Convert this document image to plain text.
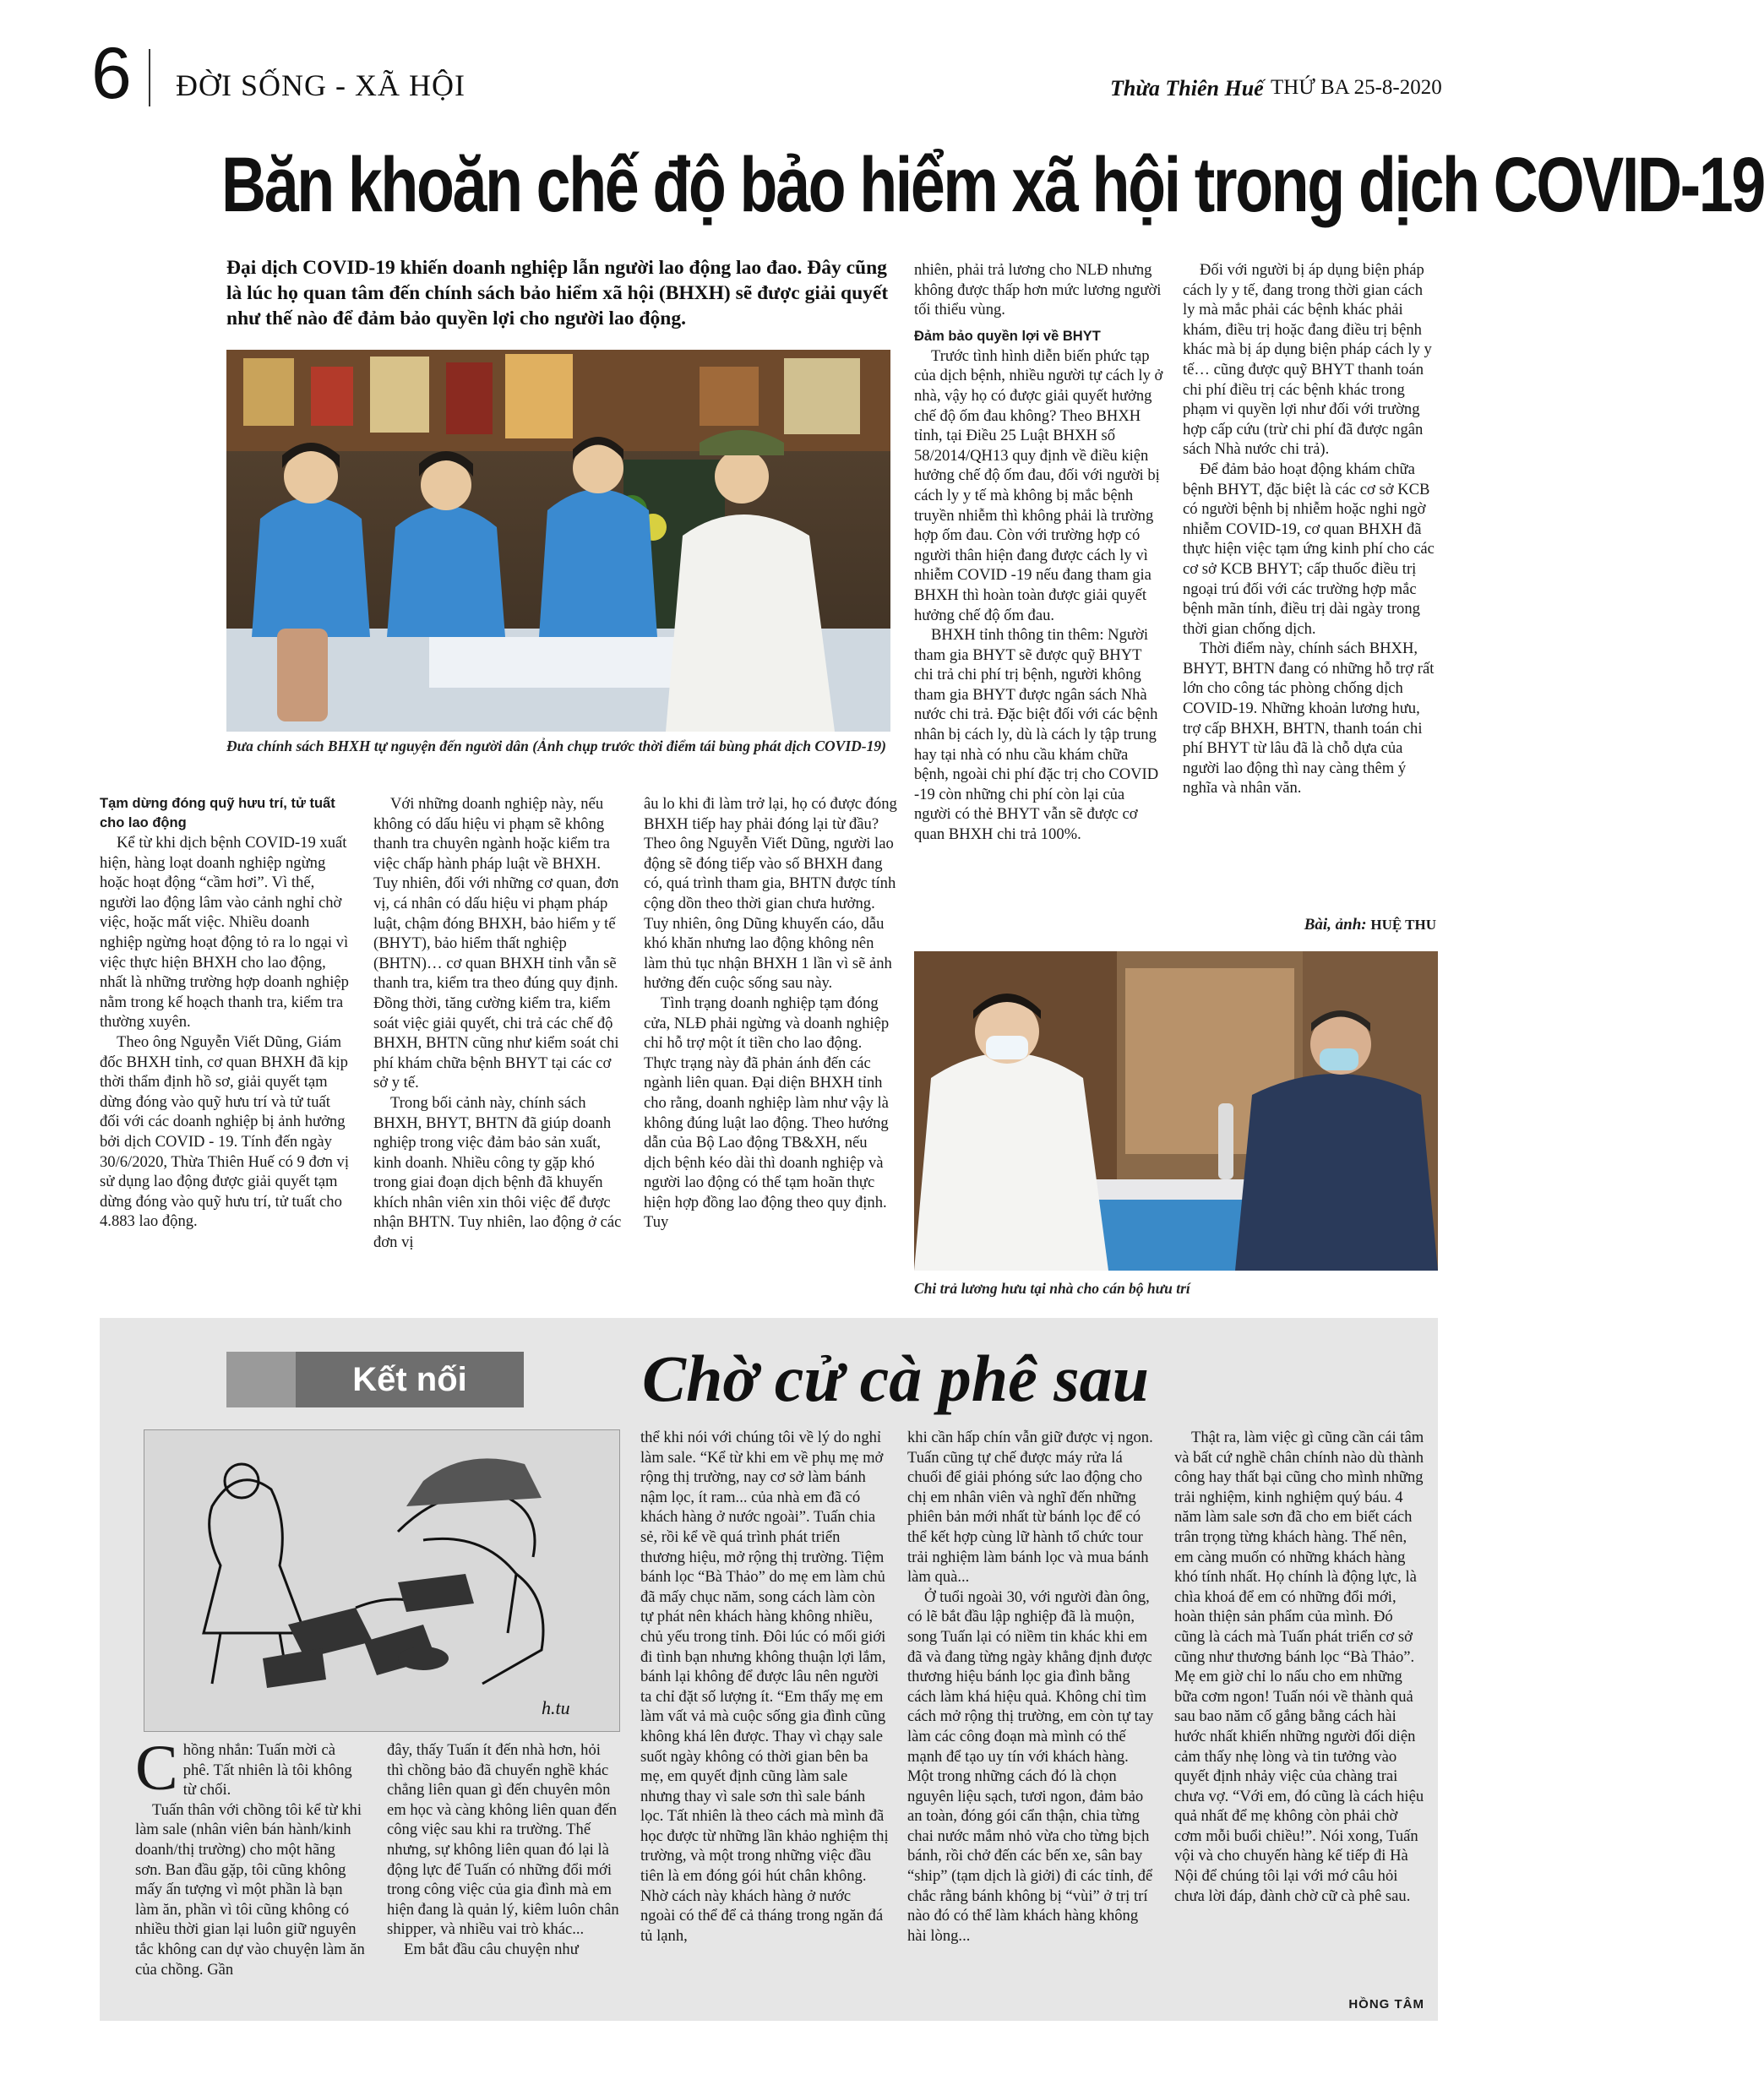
6 ĐỜI SỐNG - XÃ HỘI	Thừa Thiên Huế THỨ BA 25-8-2020
Băn khoăn chế độ bảo hiểm xã hội trong dịch COVID-19
Đại dịch COVID-19 khiến doanh nghiệp lẫn người lao động lao đao. Đây cũng là lúc họ quan tâm đến chính sách bảo hiểm xã hội (BHXH) sẽ được giải quyết như thế nào để đảm bảo quyền lợi cho người lao động.
Đưa chính sách BHXH tự nguyện đến người dân (Ảnh chụp trước thời điểm tái bùng phát dịch COVID-19)

Tạm dừng đóng quỹ hưu trí, tử tuất cho lao động

Kể từ khi dịch bệnh COVID-19 xuất hiện, hàng loạt doanh nghiệp ngừng hoặc hoạt động “cầm hơi”. Vì thế, người lao động lâm vào cảnh nghỉ chờ việc, hoặc mất việc. Nhiều doanh nghiệp ngừng hoạt động tỏ ra lo ngại vì việc thực hiện BHXH cho lao động, nhất là những trường hợp doanh nghiệp nằm trong kế hoạch thanh tra, kiểm tra thường xuyên.

Theo ông Nguyễn Viết Dũng, Giám đốc BHXH tỉnh, cơ quan BHXH đã kịp thời thẩm định hồ sơ, giải quyết tạm dừng đóng vào quỹ hưu trí và tử tuất đối với các doanh nghiệp bị ảnh hưởng bởi dịch COVID - 19. Tính đến ngày 30/6/2020, Thừa Thiên Huế có 9 đơn vị sử dụng lao động được giải quyết tạm dừng đóng vào quỹ hưu trí, tử tuất cho 4.883 lao động.

Với những doanh nghiệp này, nếu không có dấu hiệu vi phạm sẽ không thanh tra chuyên ngành hoặc kiểm tra việc chấp hành pháp luật về BHXH. Tuy nhiên, đối với những cơ quan, đơn vị, cá nhân có dấu hiệu vi phạm pháp luật, chậm đóng BHXH, bảo hiểm y tế (BHYT), bảo hiểm thất nghiệp (BHTN)… cơ quan BHXH tỉnh vẫn sẽ thanh tra, kiểm tra theo đúng quy định. Đồng thời, tăng cường kiểm tra, kiểm soát việc giải quyết, chi trả các chế độ BHXH, BHTN cũng như kiểm soát chi phí khám chữa bệnh BHYT tại các cơ sở y tế.

Trong bối cảnh này, chính sách BHXH, BHYT, BHTN đã giúp doanh nghiệp trong việc đảm bảo sản xuất, kinh doanh. Nhiều công ty gặp khó trong giai đoạn dịch bệnh đã khuyến khích nhân viên xin thôi việc để được nhận BHTN. Tuy nhiên, lao động ở các đơn vị

âu lo khi đi làm trở lại, họ có được đóng BHXH tiếp hay phải đóng lại từ đầu? Theo ông Nguyễn Viết Dũng, người lao động sẽ đóng tiếp vào số BHXH đang có, quá trình tham gia, BHTN được tính cộng dồn theo thời gian chưa hưởng. Tuy nhiên, ông Dũng khuyến cáo, dẫu khó khăn nhưng lao động không nên làm thủ tục nhận BHXH 1 lần vì sẽ ảnh hưởng đến cuộc sống sau này.

Tình trạng doanh nghiệp tạm đóng cửa, NLĐ phải ngừng và doanh nghiệp chỉ hỗ trợ một ít tiền cho lao động. Thực trạng này đã phản ánh đến các ngành liên quan. Đại diện BHXH tỉnh cho rằng, doanh nghiệp làm như vậy là không đúng luật lao động. Theo hướng dẫn của Bộ Lao động TB&XH, nếu dịch bệnh kéo dài thì doanh nghiệp và người lao động có thể tạm hoãn thực hiện hợp đồng lao động theo quy định. Tuy

nhiên, phải trả lương cho NLĐ nhưng không được thấp hơn mức lương người tối thiểu vùng.

Đảm bảo quyền lợi về BHYT

Trước tình hình diễn biến phức tạp của dịch bệnh, nhiều người tự cách ly ở nhà, vậy họ có được giải quyết hưởng chế độ ốm đau không? Theo BHXH tỉnh, tại Điều 25 Luật BHXH số 58/2014/QH13 quy định về điều kiện hưởng chế độ ốm đau, đối với người bị cách ly y tế mà không bị mắc bệnh truyền nhiễm thì không phải là trường hợp ốm đau. Còn với trường hợp có người thân hiện đang được cách ly vì nhiễm COVID -19 nếu đang tham gia BHXH thì hoàn toàn được giải quyết hưởng chế độ ốm đau.

BHXH tỉnh thông tin thêm: Người tham gia BHYT sẽ được quỹ BHYT chi trả chi phí trị bệnh, người không tham gia BHYT được ngân sách Nhà nước chi trả. Đặc biệt đối với các bệnh nhân bị cách ly, dù là cách ly tập trung hay tại nhà có nhu cầu khám chữa bệnh, ngoài chi phí đặc trị cho COVID -19 còn những chi phí còn lại của người có thẻ BHYT vẫn sẽ được cơ quan BHXH chi trả 100%.

Đối với người bị áp dụng biện pháp cách ly y tế, đang trong thời gian cách ly mà mắc phải các bệnh khác phải khám, điều trị hoặc đang điều trị bệnh khác mà bị áp dụng biện pháp cách ly y tế… cũng được quỹ BHYT thanh toán chi phí điều trị các bệnh khác trong phạm vi quyền lợi như đối với trường hợp cấp cứu (trừ chi phí đã được ngân sách Nhà nước chi trả).

Để đảm bảo hoạt động khám chữa bệnh BHYT, đặc biệt là các cơ sở KCB có người bệnh bị nhiễm hoặc nghi ngờ nhiễm COVID-19, cơ quan BHXH đã thực hiện việc tạm ứng kinh phí cho các cơ sở KCB BHYT; cấp thuốc điều trị ngoại trú đối với các trường hợp mắc bệnh mãn tính, điều trị dài ngày trong thời gian chống dịch.

Thời điểm này, chính sách BHXH, BHYT, BHTN đang có những hỗ trợ rất lớn cho công tác phòng chống dịch COVID-19. Những khoản lương hưu, trợ cấp BHXH, BHTN, thanh toán chi phí BHYT từ lâu đã là chỗ dựa của người lao động thì nay càng thêm ý nghĩa và nhân văn.

Bài, ảnh: HUỆ THU
Chi trả lương hưu tại nhà cho cán bộ hưu trí
Kết nối	Chờ cử cà phê sau
h.tu

Chồng nhắn: Tuấn mời cà phê. Tất nhiên là tôi không từ chối.

Tuấn thân với chồng tôi kể từ khi làm sale (nhân viên bán hành/kinh doanh/thị trường) cho một hãng sơn. Ban đầu gặp, tôi cũng không mấy ấn tượng vì một phần là bạn làm ăn, phần vì tôi cũng không có nhiều thời gian lại luôn giữ nguyên tắc không can dự vào chuyện làm ăn của chồng. Gần

đây, thấy Tuấn ít đến nhà hơn, hỏi thì chồng bảo đã chuyển nghề khác chẳng liên quan gì đến chuyên môn em học và càng không liên quan đến công việc sau khi ra trường. Thế nhưng, sự không liên quan đó lại là động lực để Tuấn có những đổi mới trong công việc của gia đình mà em hiện đang là quản lý, kiêm luôn chân shipper, và nhiều vai trò khác...

Em bắt đầu câu chuyện như

thể khi nói với chúng tôi về lý do nghỉ làm sale. “Kể từ khi em về phụ mẹ mở rộng thị trường, nay cơ sở làm bánh nậm lọc, ít ram... của nhà em đã có khách hàng ở nước ngoài”. Tuấn chia sẻ, rồi kể về quá trình phát triển thương hiệu, mở rộng thị trường. Tiệm bánh lọc “Bà Thảo” do mẹ em làm chủ đã mấy chục năm, song cách làm còn tự phát nên khách hàng không nhiều, chủ yếu trong tỉnh. Đôi lúc có mối giới đi tình bạn nhưng không thuận lợi lắm, bánh lại không để được lâu nên người ta chỉ đặt số lượng ít. “Em thấy mẹ em làm vất vả mà cuộc sống gia đình cũng không khá lên được. Thay vì chạy sale suốt ngày không có thời gian bên ba mẹ, em quyết định cũng làm sale nhưng thay vì sale sơn thì sale bánh lọc. Tất nhiên là theo cách mà mình đã học được từ những lần khảo nghiệm thị trường, và một trong những việc đầu tiên là em đóng gói hút chân không. Nhờ cách này khách hàng ở nước ngoài có thể để cả tháng trong ngăn đá tủ lạnh,

khi cần hấp chín vẫn giữ được vị ngon. Tuấn cũng tự chế được máy rửa lá chuối để giải phóng sức lao động cho chị em nhân viên và nghĩ đến những phiên bản mới nhất từ bánh lọc để có thể kết hợp cùng lữ hành tổ chức tour trải nghiệm làm bánh lọc và mua bánh làm quà...

Ở tuổi ngoài 30, với người đàn ông, có lẽ bắt đầu lập nghiệp đã là muộn, song Tuấn lại có niềm tin khác khi em đã và đang từng ngày khẳng định được thương hiệu bánh lọc gia đình bằng cách làm khá hiệu quả. Không chỉ tìm cách mở rộng thị trường, em còn tự tay làm các công đoạn mà mình có thế mạnh để tạo uy tín với khách hàng. Một trong những cách đó là chọn nguyên liệu sạch, tươi ngon, đảm bảo an toàn, đóng gói cẩn thận, chia từng chai nước mắm nhỏ vừa cho từng bịch bánh, rồi chở đến các bến xe, sân bay “ship” (tạm dịch là giởi) đi các tỉnh, để chắc rằng bánh không bị “vùi” ở trị trí nào đó có thể làm khách hàng không hài lòng...

Thật ra, làm việc gì cũng cần cái tâm và bất cứ nghề chân chính nào dù thành công hay thất bại cũng cho mình những trải nghiệm, kinh nghiệm quý báu. 4 năm làm sale sơn đã cho em biết cách trân trọng từng khách hàng. Thế nên, em càng muốn có những khách hàng khó tính nhất. Họ chính là động lực, là chìa khoá để em có những đổi mới, hoàn thiện sản phẩm của mình. Đó cũng là cách mà Tuấn phát triển cơ sở cũng như thương bánh lọc “Bà Thảo”. Mẹ em giờ chỉ lo nấu cho em những bữa cơm ngon! Tuấn nói về thành quả sau bao năm cố gắng bằng cách hài hước nhất khiến những người đối diện cảm thấy nhẹ lòng và tin tưởng vào quyết định nhảy việc của chàng trai chưa vợ. “Với em, đó cũng là cách hiệu quả nhất để mẹ không còn phải chờ cơm mỗi buổi chiều!”. Nói xong, Tuấn vội và cho chuyến hàng kế tiếp đi Hà Nội để chúng tôi lại với mớ câu hỏi chưa lời đáp, đành chờ cữ cà phê sau.

HỒNG TÂM
